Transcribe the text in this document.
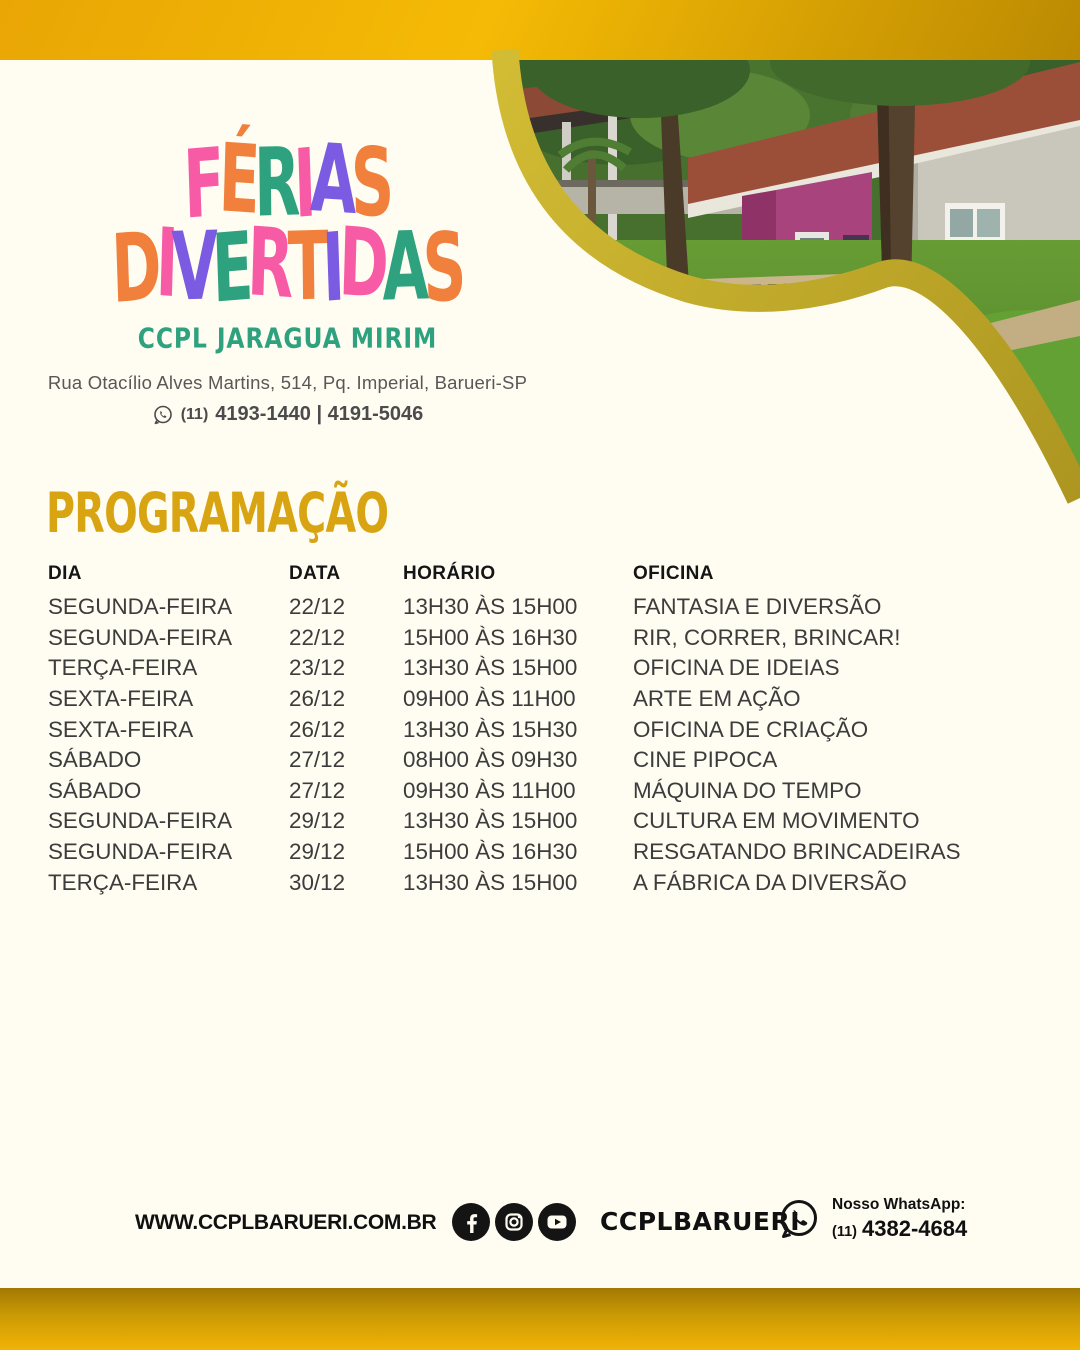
FÉRIAS
DIVERTIDAS
CCPL JARAGUA MIRIM
Rua Otacílio Alves Martins, 514, Pq. Imperial, Barueri-SP
(11) 4193-1440 | 4191-5046
PROGRAMAÇÃO
DIA	DATA	HORÁRIO	OFICINA
SEGUNDA-FEIRA	22/12	13H30 ÀS 15H00	FANTASIA E DIVERSÃO
SEGUNDA-FEIRA	22/12	15H00 ÀS 16H30	RIR, CORRER, BRINCAR!
TERÇA-FEIRA	23/12	13H30 ÀS 15H00	OFICINA DE IDEIAS
SEXTA-FEIRA	26/12	09H00 ÀS 11H00	ARTE EM AÇÃO
SEXTA-FEIRA	26/12	13H30 ÀS 15H30	OFICINA DE CRIAÇÃO
SÁBADO	27/12	08H00 ÀS 09H30	CINE PIPOCA
SÁBADO	27/12	09H30 ÀS 11H00	MÁQUINA DO TEMPO
SEGUNDA-FEIRA	29/12	13H30 ÀS 15H00	CULTURA EM MOVIMENTO
SEGUNDA-FEIRA	29/12	15H00 ÀS 16H30	RESGATANDO BRINCADEIRAS
TERÇA-FEIRA	30/12	13H30 ÀS 15H00	A FÁBRICA DA DIVERSÃO
WWW.CCPLBARUERI.COM.BR	CCPLBARUERI
Nosso WhatsApp:
(11) 4382-4684
